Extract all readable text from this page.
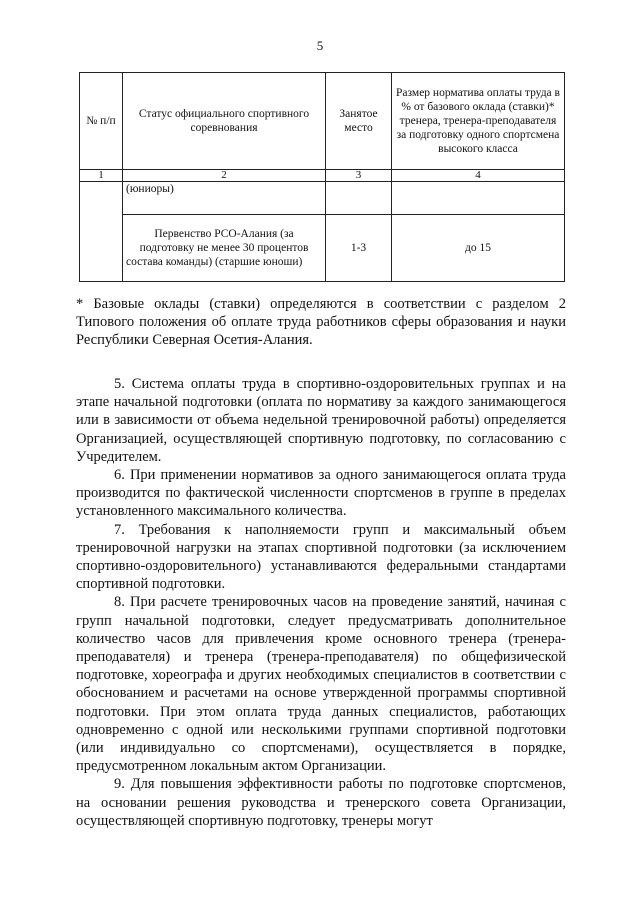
5
№ п/п	Статус официального спортивного соревнования	Занятое место	Размер норматива оплаты труда в % от базового оклада (ставки)* тренера, тренера-преподавателя за подготовку одного спортсмена высокого класса
1	2	3	4
	(юниоры)		
	Первенство РСО-Алания (за подготовку не менее 30 процентов состава команды) (старшие юноши)	1-3	до 15

* Базовые оклады (ставки) определяются в соответствии с разделом 2 Типового положения об оплате труда работников сферы образования и науки Республики Северная Осетия-Алания.

5. Система оплаты труда в спортивно-оздоровительных группах и на этапе начальной подготовки (оплата по нормативу за каждого занимающегося или в зависимости от объема недельной тренировочной работы) определяется Организацией, осуществляющей спортивную подготовку, по согласованию с Учредителем.

6. При применении нормативов за одного занимающегося оплата труда производится по фактической численности спортсменов в группе в пределах установленного максимального количества.

7. Требования к наполняемости групп и максимальный объем тренировочной нагрузки на этапах спортивной подготовки (за исключением спортивно-оздоровительного) устанавливаются федеральными стандартами спортивной подготовки.

8. При расчете тренировочных часов на проведение занятий, начиная с групп начальной подготовки, следует предусматривать дополнительное количество часов для привлечения кроме основного тренера (тренера-преподавателя) и тренера (тренера-преподавателя) по общефизической подготовке, хореографа и других необходимых специалистов в соответствии с обоснованием и расчетами на основе утвержденной программы спортивной подготовки. При этом оплата труда данных специалистов, работающих одновременно с одной или несколькими группами спортивной подготовки (или индивидуально со спортсменами), осуществляется в порядке, предусмотренном локальным актом Организации.

9. Для повышения эффективности работы по подготовке спортсменов, на основании решения руководства и тренерского совета Организации, осуществляющей спортивную подготовку, тренеры могут
